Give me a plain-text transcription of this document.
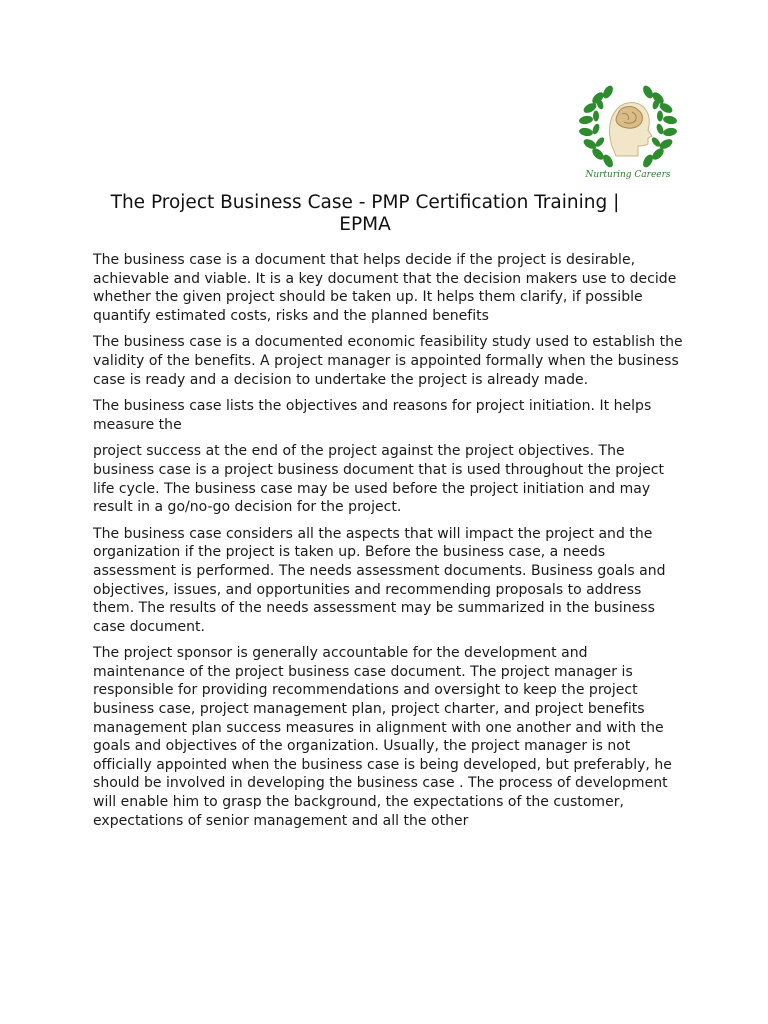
Nurturing Careers
The Project Business Case - PMP Certification Training | EPMA

The business case is a document that helps decide if the project is desirable, achievable and viable. It is a key document that the decision makers use to decide whether the given project should be taken up. It helps them clarify, if possible quantify estimated costs, risks and the planned benefits

The business case is a documented economic feasibility study used to establish the validity of the benefits. A project manager is appointed formally when the business case is ready and a decision to undertake the project is already made.

The business case lists the objectives and reasons for project initiation. It helps measure the

project success at the end of the project against the project objectives. The business case is a project business document that is used throughout the project life cycle. The business case may be used before the project initiation and may result in a go/no-go decision for the project.

The business case considers all the aspects that will impact the project and the organization if the project is taken up. Before the business case, a needs assessment is performed. The needs assessment documents. Business goals and objectives, issues, and opportunities and recommending proposals to address them. The results of the needs assessment may be summarized in the business case document.

The project sponsor is generally accountable for the development and maintenance of the project business case document. The project manager is responsible for providing recommendations and oversight to keep the project business case, project management plan, project charter, and project benefits management plan success measures in alignment with one another and with the goals and objectives of the organization. Usually, the project manager is not officially appointed when the business case is being developed, but preferably, he should be involved in developing the business case . The process of development will enable him to grasp the background, the expectations of the customer, expectations of senior management and all the other
